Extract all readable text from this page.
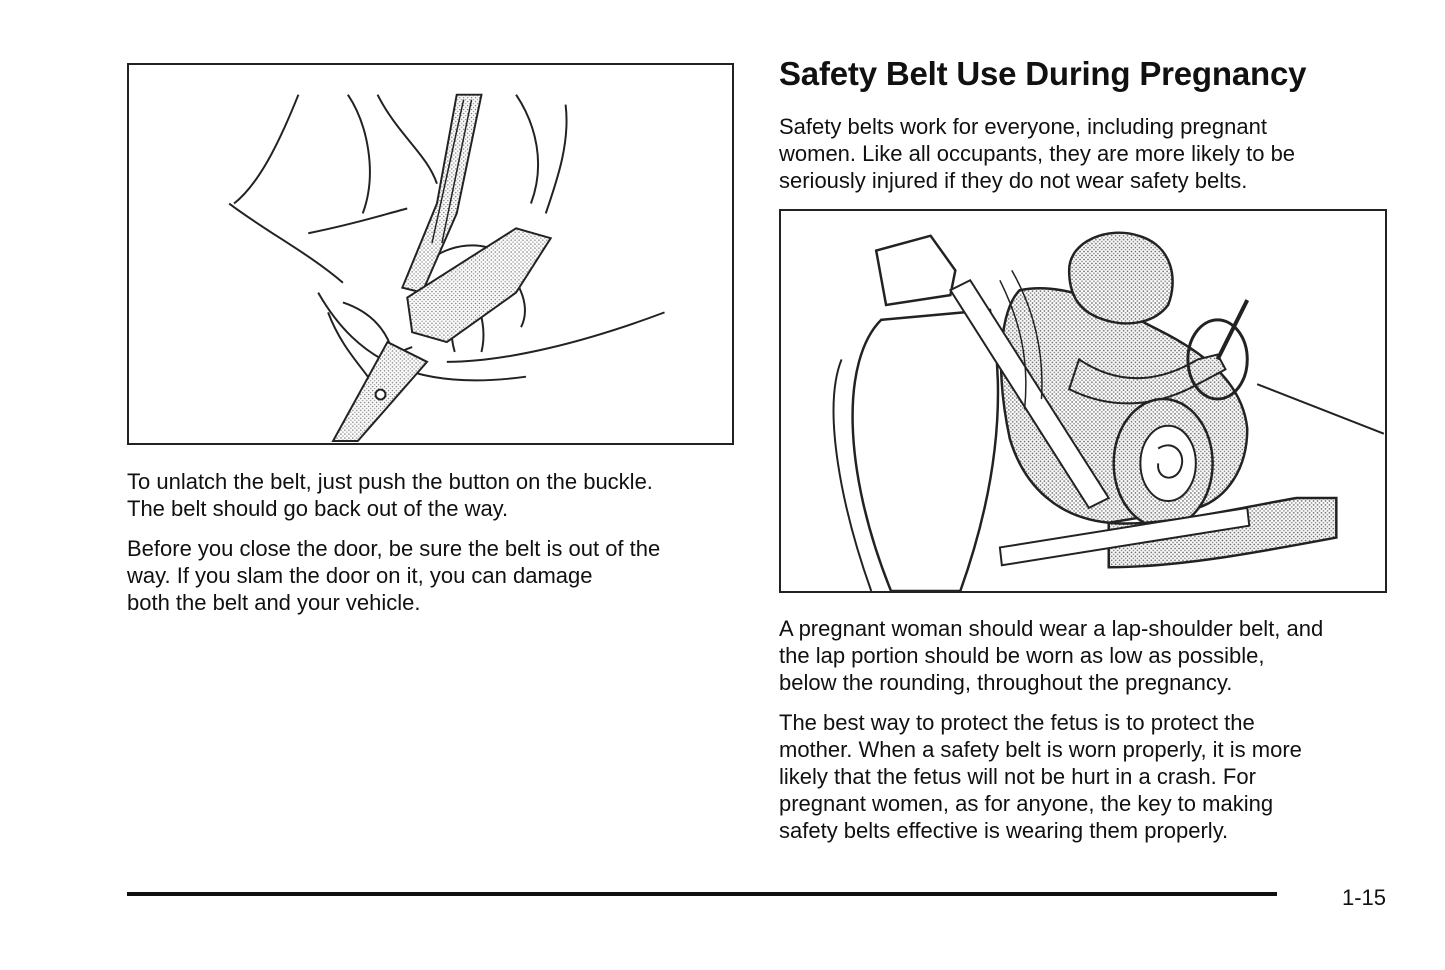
To unlatch the belt, just push the button on the buckle.
The belt should go back out of the way.

Before you close the door, be sure the belt is out of the
way. If you slam the door on it, you can damage
both the belt and your vehicle.

Safety Belt Use During Pregnancy
Safety belts work for everyone, including pregnant
women. Like all occupants, they are more likely to be
seriously injured if they do not wear safety belts.

A pregnant woman should wear a lap-shoulder belt, and
the lap portion should be worn as low as possible,
below the rounding, throughout the pregnancy.

The best way to protect the fetus is to protect the
mother. When a safety belt is worn properly, it is more
likely that the fetus will not be hurt in a crash. For
pregnant women, as for anyone, the key to making
safety belts effective is wearing them properly.

1-15
